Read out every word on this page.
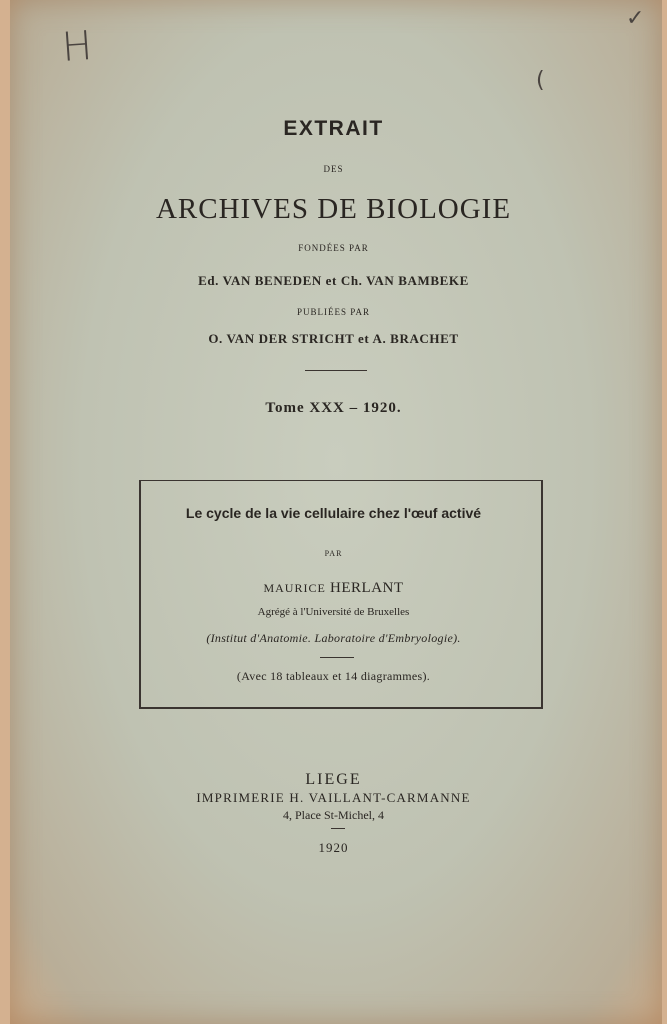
H
✓
(
EXTRAIT
DES
ARCHIVES DE BIOLOGIE
FONDÉES PAR
Ed. VAN BENEDEN et Ch. VAN BAMBEKE
PUBLIÉES PAR
O. VAN DER STRICHT et A. BRACHET
Tome XXX – 1920.
Le cycle de la vie cellulaire chez l'œuf activé
PAR
MAURICE HERLANT
Agrégé à l'Université de Bruxelles
(Institut d'Anatomie. Laboratoire d'Embryologie).
(Avec 18 tableaux et 14 diagrammes).
LIEGE
IMPRIMERIE H. VAILLANT-CARMANNE
4, Place St-Michel, 4
1920
